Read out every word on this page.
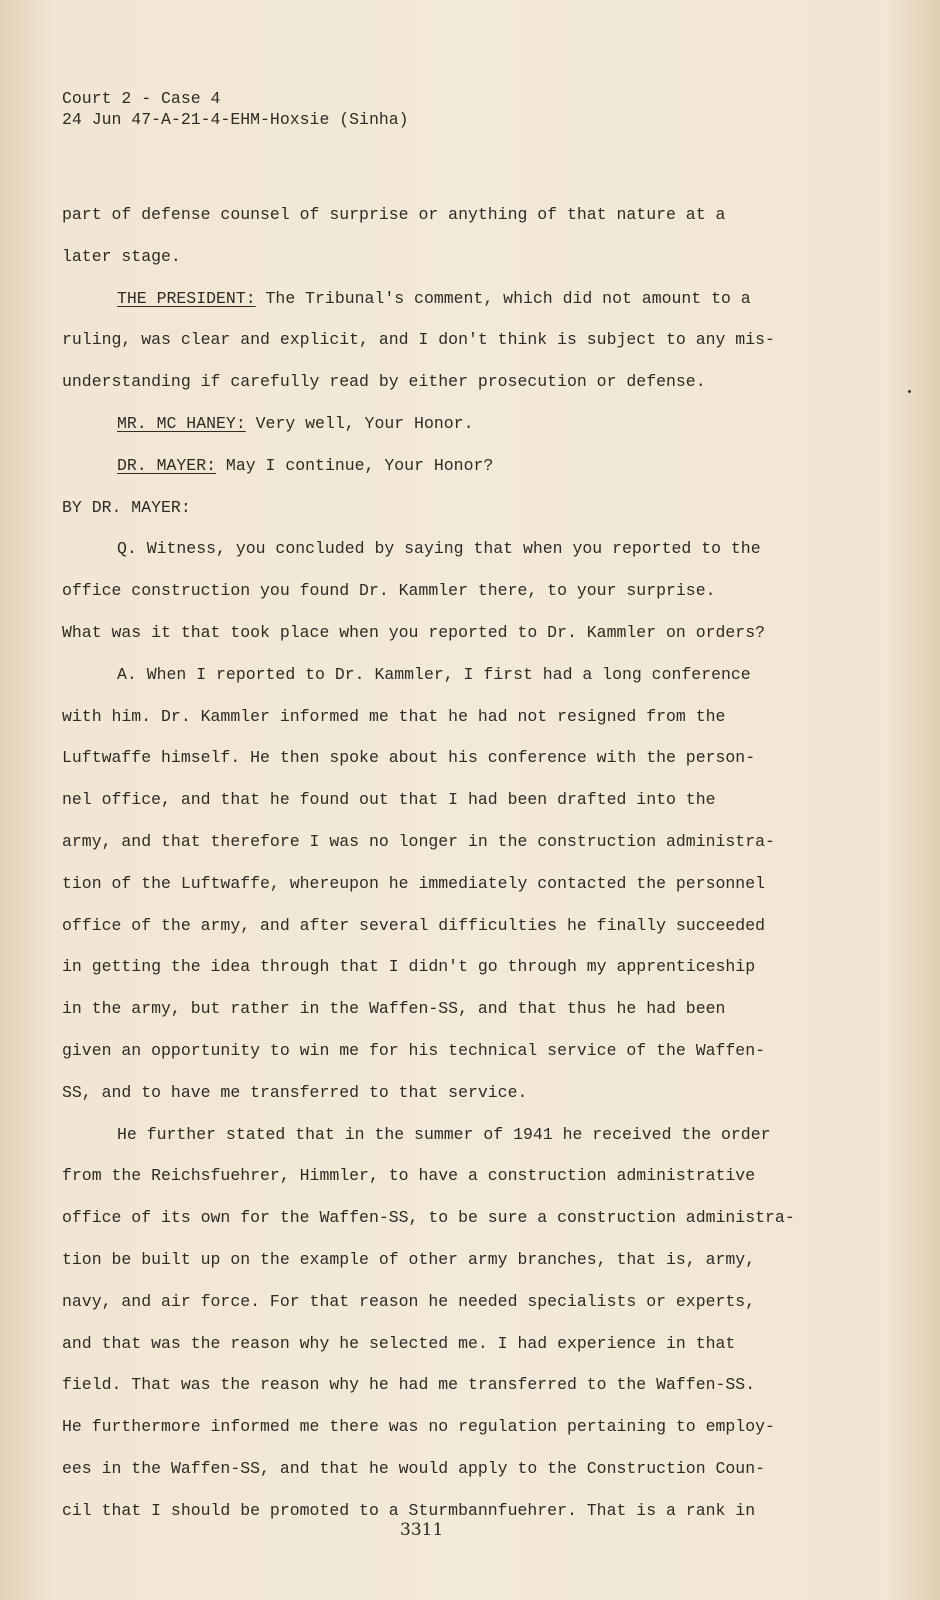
Court 2 - Case 4
24 Jun 47-A-21-4-EHM-Hoxsie (Sinha)
part of defense counsel of surprise or anything of that nature at a
later stage.
THE PRESIDENT: The Tribunal's comment, which did not amount to a
ruling, was clear and explicit, and I don't think is subject to any mis-
understanding if carefully read by either prosecution or defense.
MR. MC HANEY: Very well, Your Honor.
DR. MAYER: May I continue, Your Honor?
BY DR. MAYER:
Q. Witness, you concluded by saying that when you reported to the
office construction you found Dr. Kammler there, to your surprise.
What was it that took place when you reported to Dr. Kammler on orders?
A. When I reported to Dr. Kammler, I first had a long conference
with him. Dr. Kammler informed me that he had not resigned from the
Luftwaffe himself. He then spoke about his conference with the person-
nel office, and that he found out that I had been drafted into the
army, and that therefore I was no longer in the construction administra-
tion of the Luftwaffe, whereupon he immediately contacted the personnel
office of the army, and after several difficulties he finally succeeded
in getting the idea through that I didn't go through my apprenticeship
in the army, but rather in the Waffen-SS, and that thus he had been
given an opportunity to win me for his technical service of the Waffen-
SS, and to have me transferred to that service.
He further stated that in the summer of 1941 he received the order
from the Reichsfuehrer, Himmler, to have a construction administrative
office of its own for the Waffen-SS, to be sure a construction administra-
tion be built up on the example of other army branches, that is, army,
navy, and air force. For that reason he needed specialists or experts,
and that was the reason why he selected me. I had experience in that
field. That was the reason why he had me transferred to the Waffen-SS.
He furthermore informed me there was no regulation pertaining to employ-
ees in the Waffen-SS, and that he would apply to the Construction Coun-
cil that I should be promoted to a Sturmbannfuehrer. That is a rank in
3311
